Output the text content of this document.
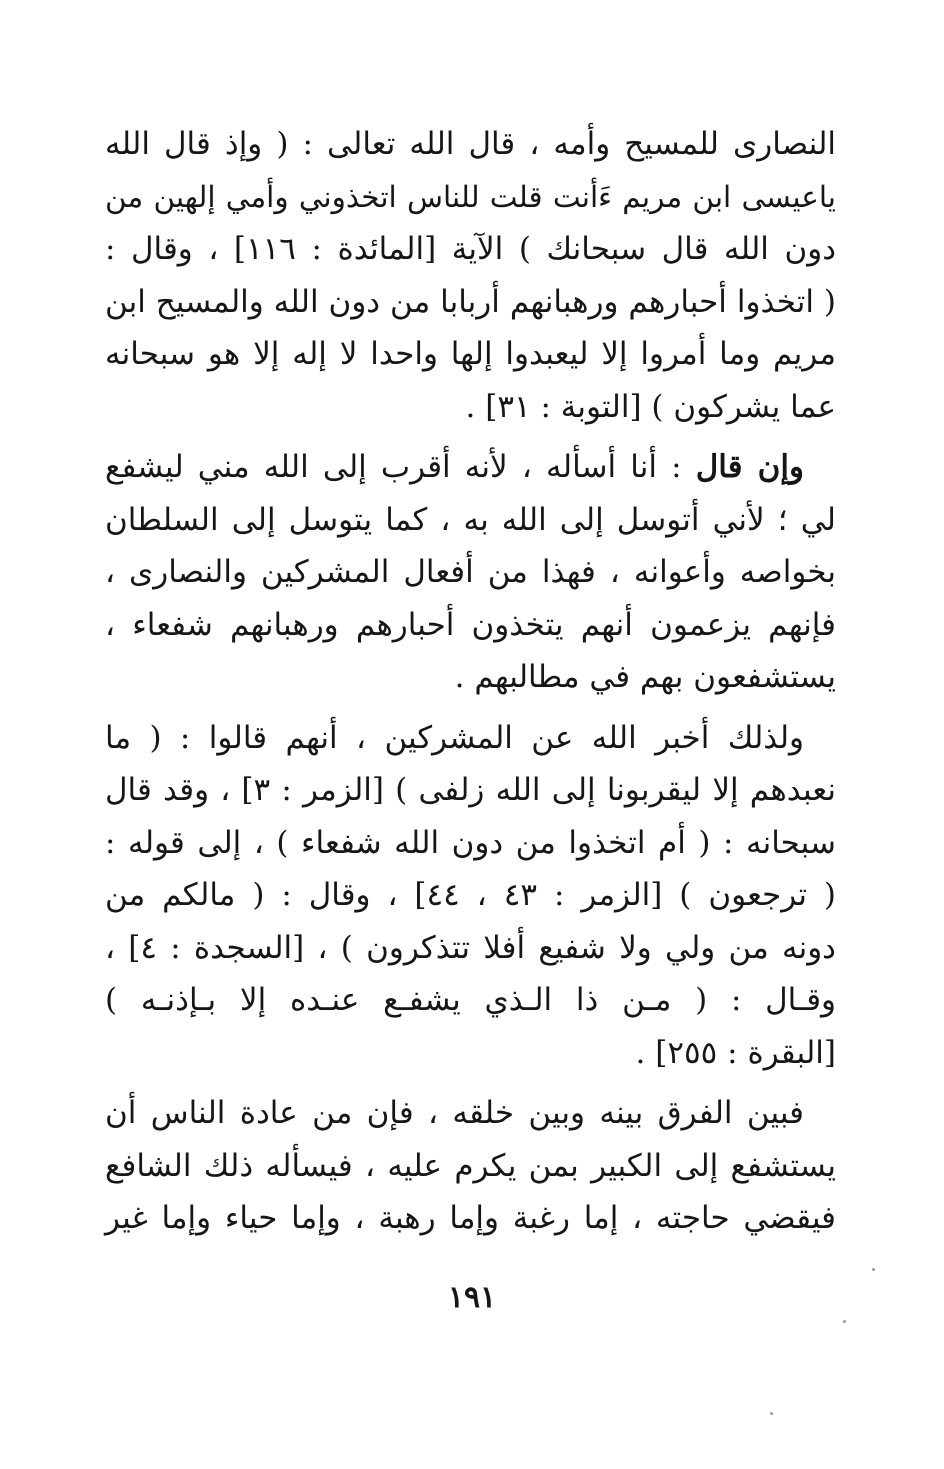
النصارى للمسيح وأمه ، قال الله تعالى : ( وإذ قال الله
ياعيسى ابن مريم ءَأنت قلت للناس اتخذوني وأمي إلهين من
دون الله قال سبحانك ) الآية [المائدة : ١١٦] ، وقال :
( اتخذوا أحبارهم ورهبانهم أربابا من دون الله والمسيح ابن
مريم وما أمروا إلا ليعبدوا إلها واحدا لا إله إلا هو سبحانه
عما يشركون ) [التوبة : ٣١] .

وإن قال : أنا أسأله ، لأنه أقرب إلى الله مني ليشفع
لي ؛ لأني أتوسل إلى الله به ، كما يتوسل إلى السلطان
بخواصه وأعوانه ، فهذا من أفعال المشركين والنصارى ،
فإنهم يزعمون أنهم يتخذون أحبارهم ورهبانهم شفعاء ،
يستشفعون بهم في مطالبهم .

ولذلك أخبر الله عن المشركين ، أنهم قالوا : ( ما
نعبدهم إلا ليقربونا إلى الله زلفى ) [الزمر : ٣] ، وقد قال
سبحانه : ( أم اتخذوا من دون الله شفعاء ) ، إلى قوله :
( ترجعون ) [الزمر : ٤٣ ، ٤٤] ، وقال : ( مالكم من
دونه من ولي ولا شفيع أفلا تتذكرون ) ، [السجدة : ٤] ،
وقـال : ( مـن ذا الـذي يشفـع عنـده إلا بـإذنـه )
[البقرة : ٢٥٥] .

فبين الفرق بينه وبين خلقه ، فإن من عادة الناس أن
يستشفع إلى الكبير بمن يكرم عليه ، فيسأله ذلك الشافع
فيقضي حاجته ، إما رغبة وإما رهبة ، وإما حياء وإما غير

١٩١
